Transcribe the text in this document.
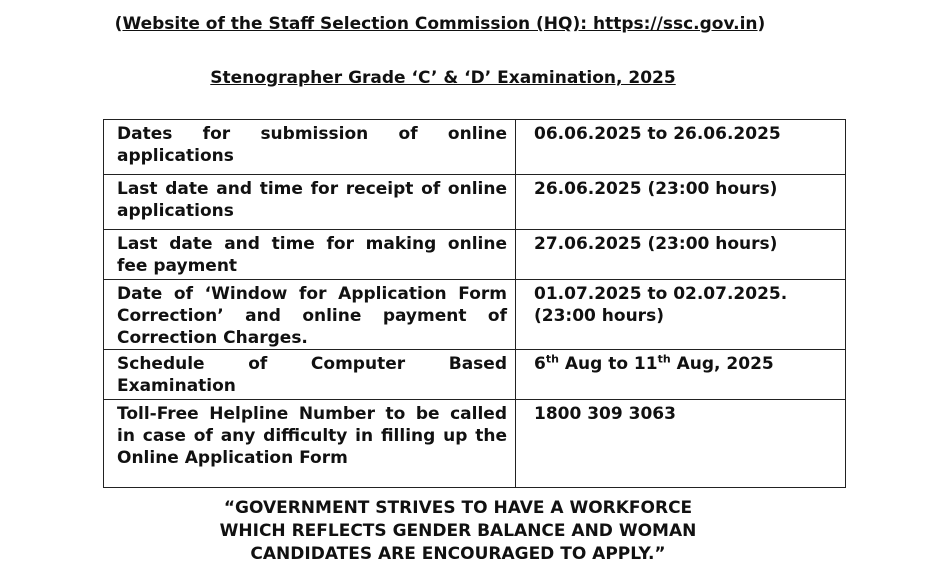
(Website of the Staff Selection Commission (HQ): https://ssc.gov.in)
Stenographer Grade ‘C’ & ‘D’ Examination, 2025
Dates for submission of online applications	06.06.2025 to 26.06.2025
Last date and time for receipt of online applications	26.06.2025 (23:00 hours)
Last date and time for making online fee payment	27.06.2025 (23:00 hours)
Date of ‘Window for Application Form Correction’ and online payment of Correction Charges.	01.07.2025 to 02.07.2025.
(23:00 hours)

Schedule of Computer Based Examination	6th Aug to 11th Aug, 2025
Toll-Free Helpline Number to be called in case of any difficulty in filling up the Online Application Form	1800 309 3063
“GOVERNMENT STRIVES TO HAVE A WORKFORCE
WHICH REFLECTS GENDER BALANCE AND WOMAN
CANDIDATES ARE ENCOURAGED TO APPLY.”
